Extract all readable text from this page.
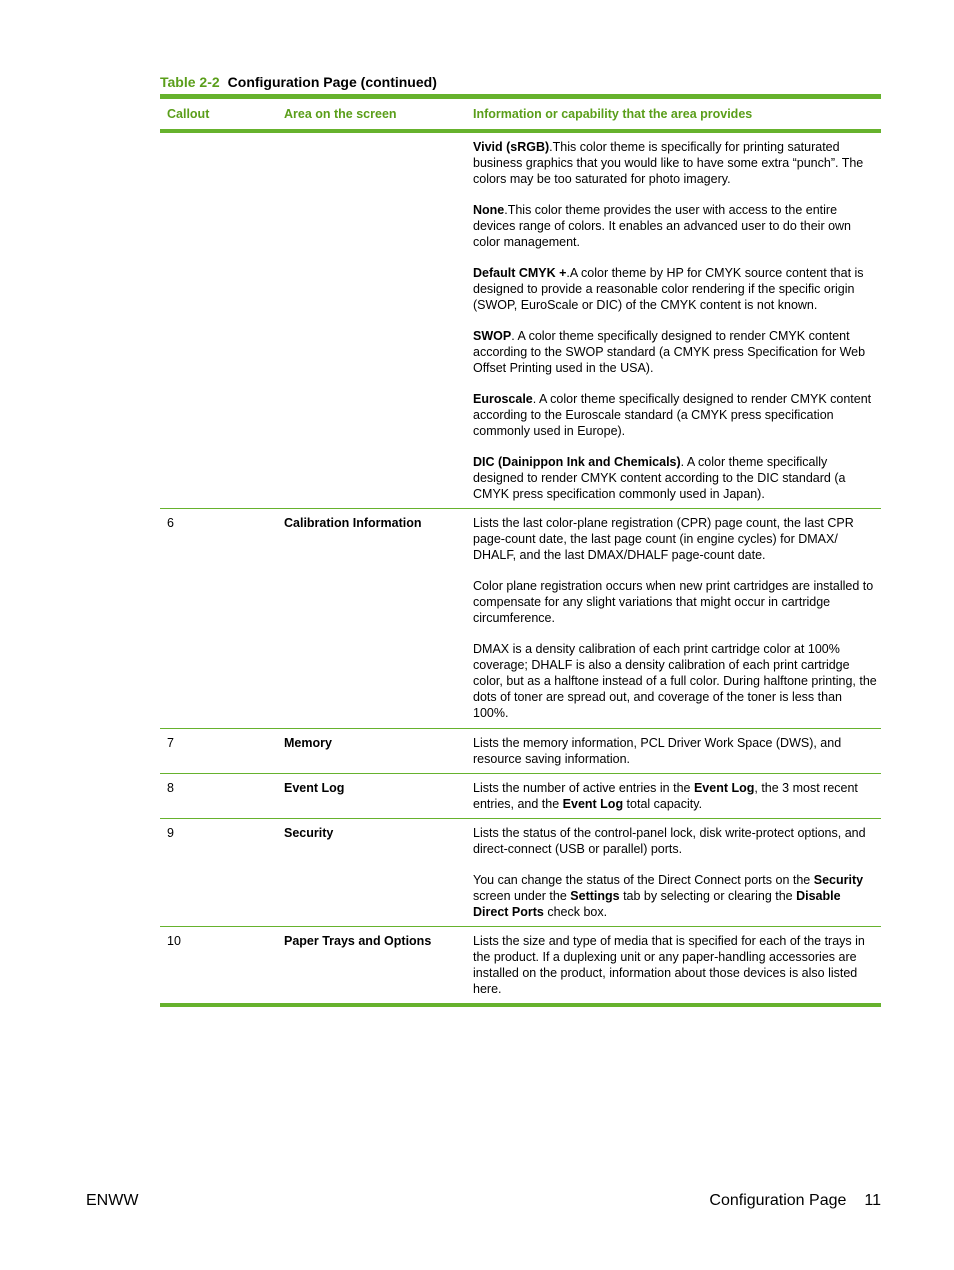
Table 2-2 Configuration Page (continued)
Callout	Area on the screen	Information or capability that the area provides

Vivid (sRGB).This color theme is specifically for printing saturated business graphics that you would like to have some extra “punch”. The colors may be too saturated for photo imagery.

None.This color theme provides the user with access to the entire devices range of colors. It enables an advanced user to do their own color management.

Default CMYK +.A color theme by HP for CMYK source content that is designed to provide a reasonable color rendering if the specific origin (SWOP, EuroScale or DIC) of the CMYK content is not known.

SWOP. A color theme specifically designed to render CMYK content according to the SWOP standard (a CMYK press Specification for Web Offset Printing used in the USA).

Euroscale. A color theme specifically designed to render CMYK content according to the Euroscale standard (a CMYK press specification commonly used in Europe).

DIC (Dainippon Ink and Chemicals). A color theme specifically designed to render CMYK content according to the DIC standard (a CMYK press specification commonly used in Japan).

6	Calibration Information	Lists the last color-plane registration (CPR) page count, the last CPR page-count date, the last page count (in engine cycles) for DMAX/ DHALF, and the last DMAX/DHALF page-count date.

Color plane registration occurs when new print cartridges are installed to compensate for any slight variations that might occur in cartridge circumference.

DMAX is a density calibration of each print cartridge color at 100% coverage; DHALF is also a density calibration of each print cartridge color, but as a halftone instead of a full color. During halftone printing, the dots of toner are spread out, and coverage of the toner is less than 100%.

7	Memory	Lists the memory information, PCL Driver Work Space (DWS), and resource saving information.

8	Event Log	Lists the number of active entries in the Event Log, the 3 most recent entries, and the Event Log total capacity.

9	Security	Lists the status of the control-panel lock, disk write-protect options, and direct-connect (USB or parallel) ports.

You can change the status of the Direct Connect ports on the Security screen under the Settings tab by selecting or clearing the Disable Direct Ports check box.

10	Paper Trays and Options	Lists the size and type of media that is specified for each of the trays in the product. If a duplexing unit or any paper-handling accessories are installed on the product, information about those devices is also listed here.

ENWW	Configuration Page 11
